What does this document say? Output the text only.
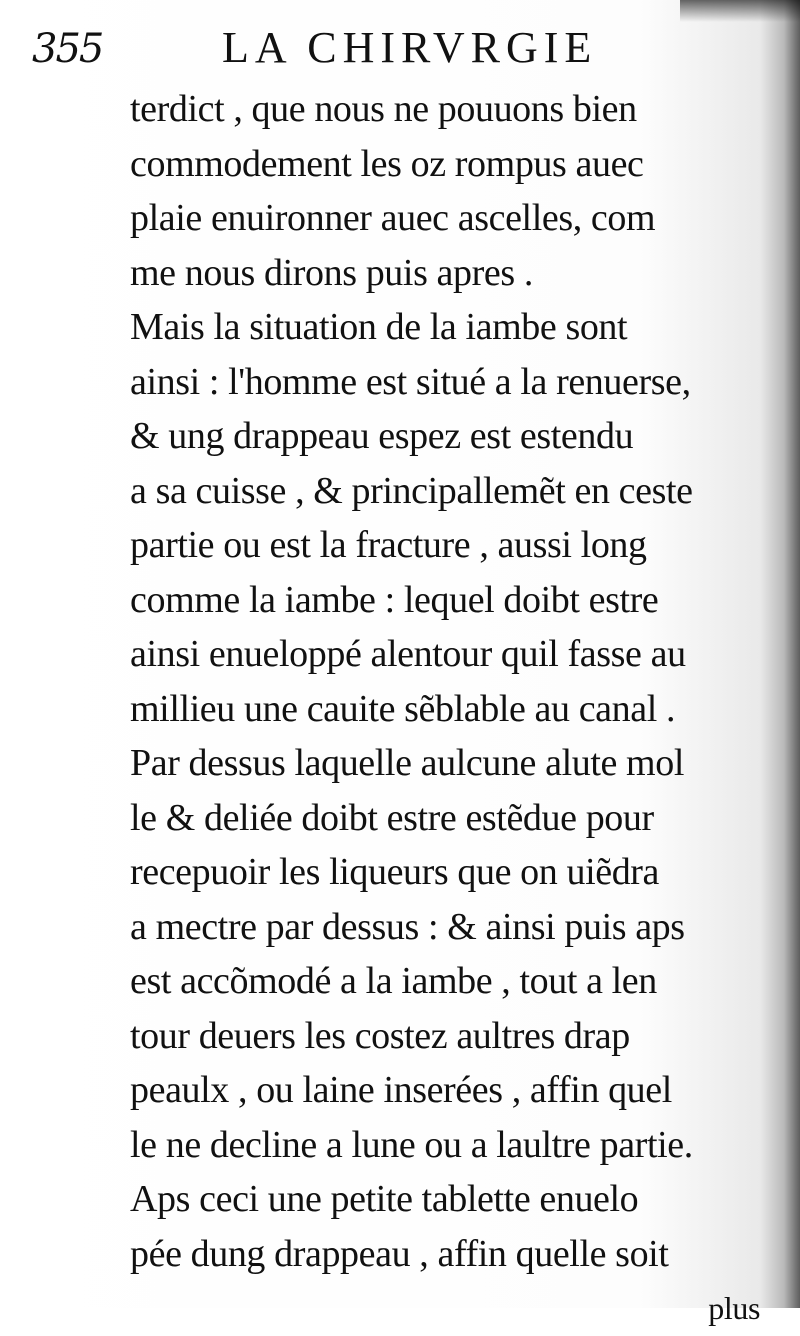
355	LA CHIRVRGIE
terdict , que nous ne pouuons bien
commodement les oz rompus auec
plaie enuironner auec ascelles, com
me nous dirons puis apres .
Mais la situation de la iambe sont
ainsi : l'homme est situé a la renuerse,
& ung drappeau espez est estendu
a sa cuisse , & principallemẽt en ceste
partie ou est la fracture , aussi long
comme la iambe : lequel doibt estre
ainsi enueloppé alentour quil fasse au
millieu une cauite sẽblable au canal .
Par dessus laquelle aulcune alute mol
le & deliée doibt estre estẽdue pour
recepuoir les liqueurs que on uiẽdra
a mectre par dessus : & ainsi puis aps
est accõmodé a la iambe , tout a len
tour deuers les costez aultres drap
peaulx , ou laine inserées , affin quel
le ne decline a lune ou a laultre partie.
Aps ceci une petite tablette enuelo
pée dung drappeau , affin quelle soit
plus
